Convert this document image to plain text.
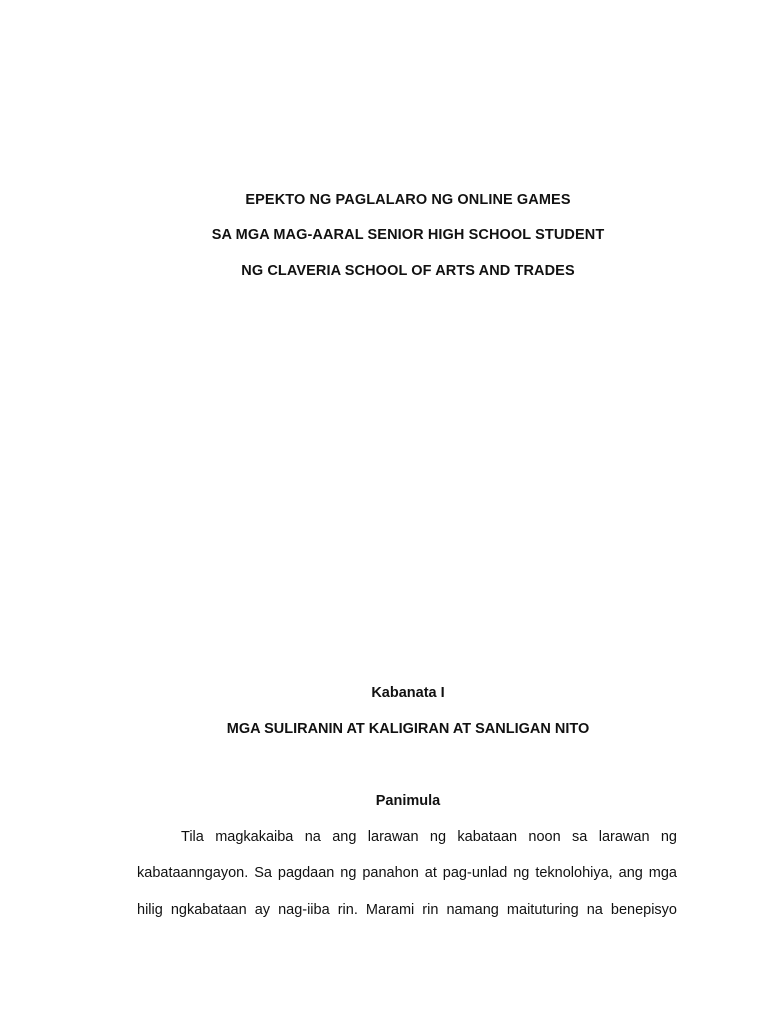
EPEKTO NG PAGLALARO NG ONLINE GAMES
SA MGA MAG-AARAL SENIOR HIGH SCHOOL STUDENT
NG CLAVERIA SCHOOL OF ARTS AND TRADES
Kabanata I
MGA SULIRANIN AT KALIGIRAN AT SANLIGAN NITO
Panimula
Tila magkakaiba na ang larawan ng kabataan noon sa larawan ng
kabataanngayon. Sa pagdaan ng panahon at pag-unlad ng teknolohiya, ang mga
hilig ngkabataan ay nag-iiba rin. Marami rin namang maituturing na benepisyo
